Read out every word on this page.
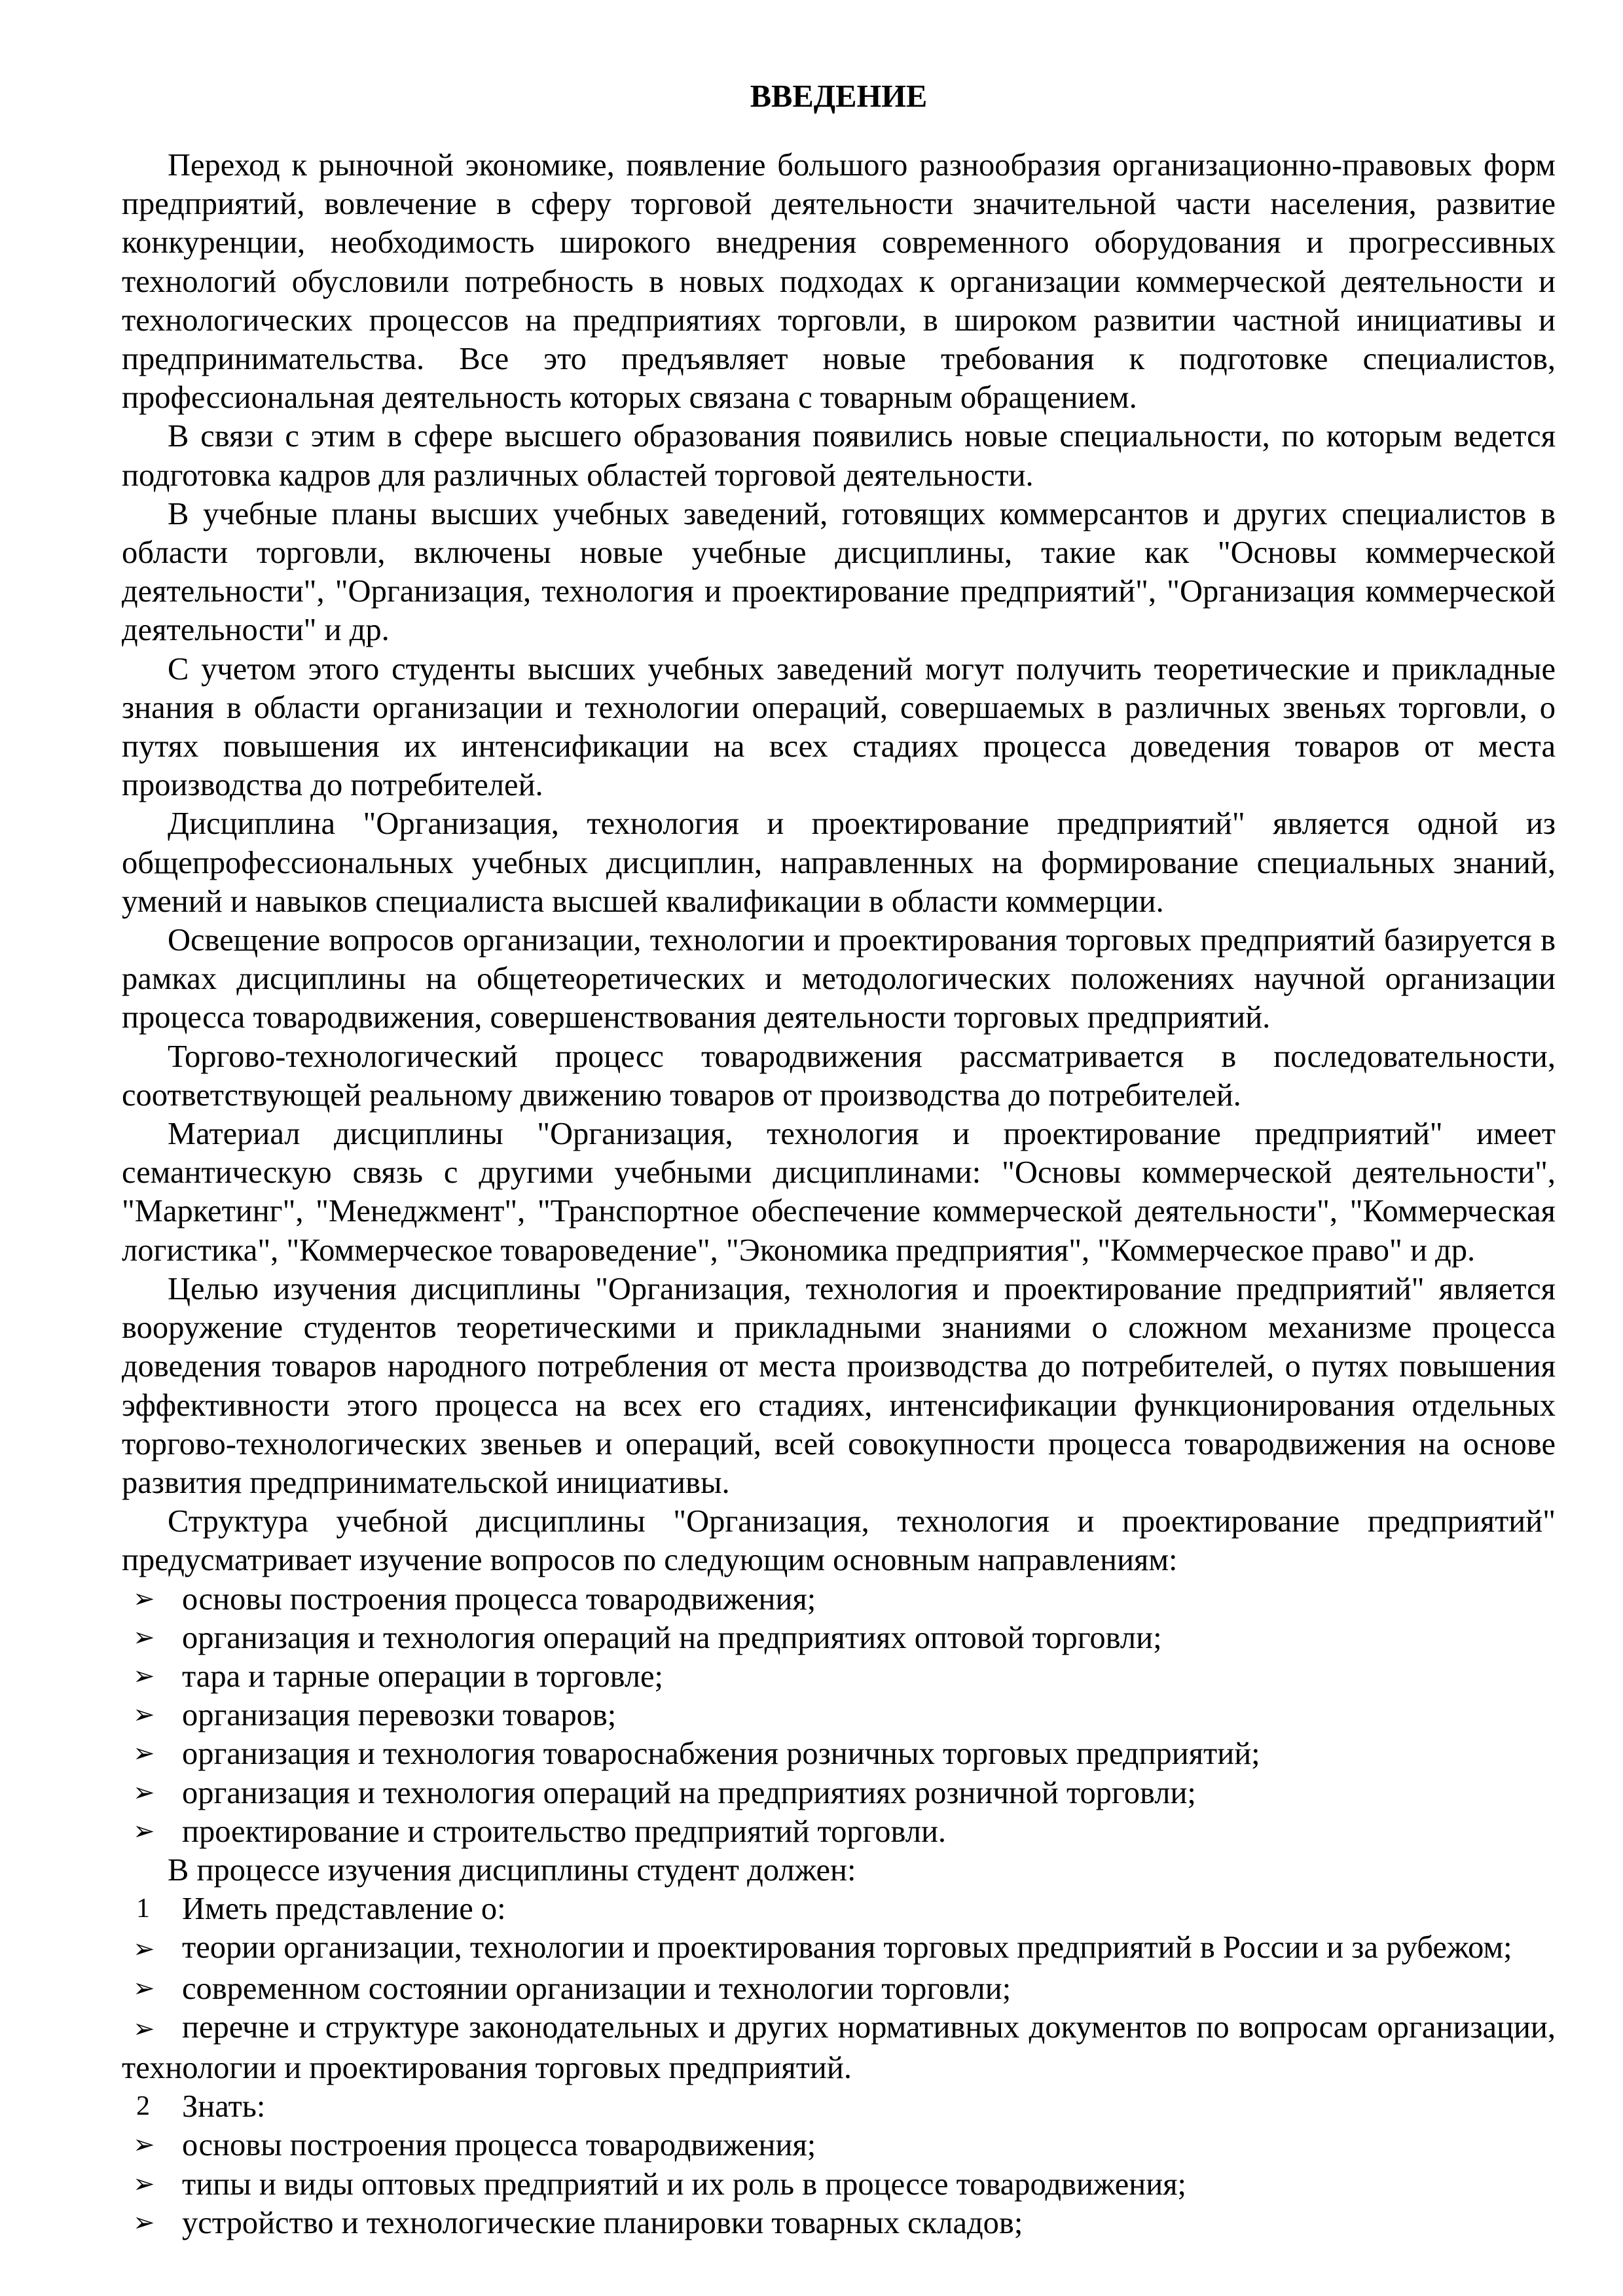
ВВЕДЕНИЕ

Переход к рыночной экономике, появление большого разнообразия организационно-правовых форм предприятий, вовлечение в сферу торговой деятельности значительной части населения, развитие конкуренции, необходимость широкого внедрения современного оборудования и прогрессивных технологий обусловили потребность в новых подходах к организации коммерческой деятельности и технологических процессов на предприятиях торговли, в широком развитии частной инициативы и предпринимательства. Все это предъявляет новые требования к подготовке специалистов, профессиональная деятельность которых связана с товарным обращением.

В связи с этим в сфере высшего образования появились новые специальности, по которым ведется подготовка кадров для различных областей торговой деятельности.

В учебные планы высших учебных заведений, готовящих коммерсантов и других специалистов в области торговли, включены новые учебные дисциплины, такие как "Основы коммерческой деятельности", "Организация, технология и проектирование предприятий", "Организация коммерческой деятельности" и др.

С учетом этого студенты высших учебных заведений могут получить теоретические и прикладные знания в области организации и технологии операций, совершаемых в различных звеньях торговли, о путях повышения их интенсификации на всех стадиях процесса доведения товаров от места производства до потребителей.

Дисциплина "Организация, технология и проектирование предприятий" является одной из общепрофессиональных учебных дисциплин, направленных на формирование специальных знаний, умений и навыков специалиста высшей квалификации в области коммерции.

Освещение вопросов организации, технологии и проектирования торговых предприятий базируется в рамках дисциплины на общетеоретических и методологических положениях научной организации процесса товародвижения, совершенствования деятельности торговых предприятий.

Торгово-технологический процесс товародвижения рассматривается в последовательности, соответствующей реальному движению товаров от производства до потребителей.

Материал дисциплины "Организация, технология и проектирование предприятий" имеет семантическую связь с другими учебными дисциплинами: "Основы коммерческой деятельности", "Маркетинг", "Менеджмент", "Транспортное обеспечение коммерческой деятельности", "Коммерческая логистика", "Коммерческое товароведение", "Экономика предприятия", "Коммерческое право" и др.

Целью изучения дисциплины "Организация, технология и проектирование предприятий" является вооружение студентов теоретическими и прикладными знаниями о сложном механизме процесса доведения товаров народного потребления от места производства до потребителей, о путях повышения эффективности этого процесса на всех его стадиях, интенсификации функционирования отдельных торгово-технологических звеньев и операций, всей совокупности процесса товародвижения на основе развития предпринимательской инициативы.

Структура учебной дисциплины "Организация, технология и проектирование предприятий" предусматривает изучение вопросов по следующим основным направлениям:

➢ основы построения процесса товародвижения;
➢ организация и технология операций на предприятиях оптовой торговли;
➢ тара и тарные операции в торговле;
➢ организация перевозки товаров;
➢ организация и технология товароснабжения розничных торговых предприятий;
➢ организация и технология операций на предприятиях розничной торговли;
➢ проектирование и строительство предприятий торговли.

В процессе изучения дисциплины студент должен:

1	Иметь представление о:

➢ теории организации, технологии и проектирования торговых предприятий в России и за рубежом;

➢ современном состоянии организации и технологии торговли;

➢ перечне и структуре законодательных и других нормативных документов по вопросам организации, технологии и проектирования торговых предприятий.

2	Знать:
➢ основы построения процесса товародвижения;
➢ типы и виды оптовых предприятий и их роль в процессе товародвижения;
➢ устройство и технологические планировки товарных складов;
